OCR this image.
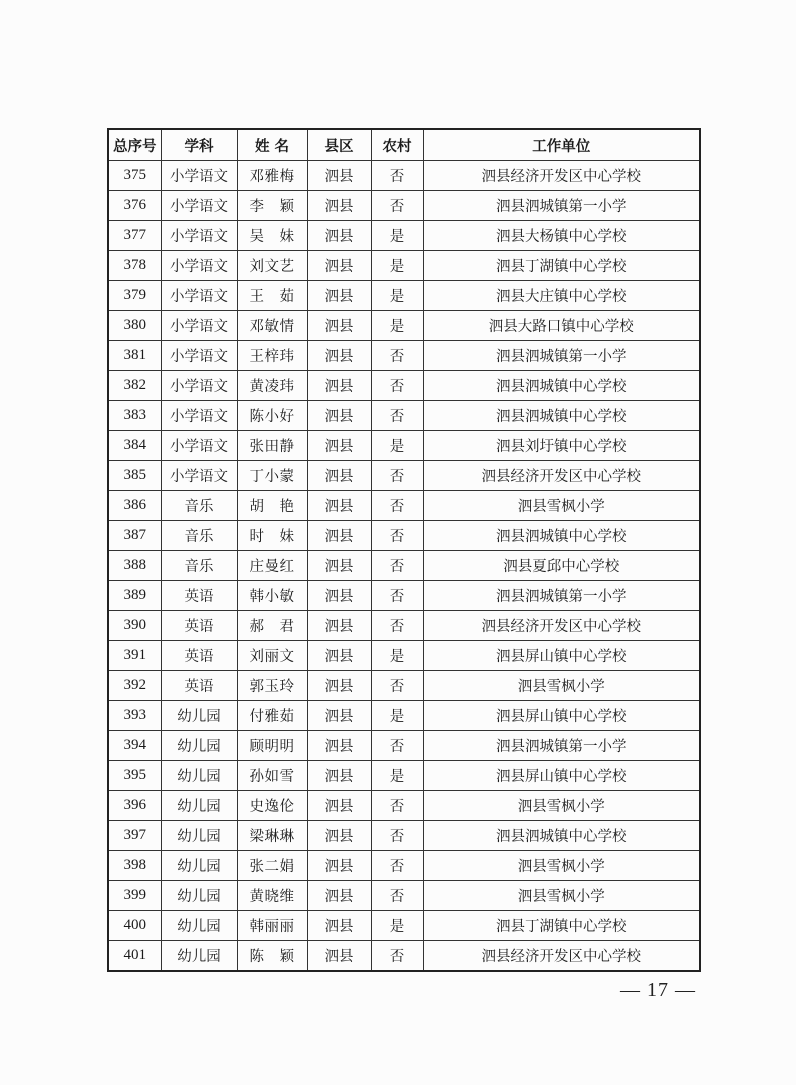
总序号	学科	姓 名	县区	农村	工作单位
375	小学语文	邓雅梅	泗县	否	泗县经济开发区中心学校
376	小学语文	李　颖	泗县	否	泗县泗城镇第一小学
377	小学语文	吴　妹	泗县	是	泗县大杨镇中心学校
378	小学语文	刘文艺	泗县	是	泗县丁湖镇中心学校
379	小学语文	王　茹	泗县	是	泗县大庄镇中心学校
380	小学语文	邓敏情	泗县	是	泗县大路口镇中心学校
381	小学语文	王梓玮	泗县	否	泗县泗城镇第一小学
382	小学语文	黄凌玮	泗县	否	泗县泗城镇中心学校
383	小学语文	陈小好	泗县	否	泗县泗城镇中心学校
384	小学语文	张田静	泗县	是	泗县刘圩镇中心学校
385	小学语文	丁小蒙	泗县	否	泗县经济开发区中心学校
386	音乐	胡　艳	泗县	否	泗县雪枫小学
387	音乐	时　妹	泗县	否	泗县泗城镇中心学校
388	音乐	庄曼红	泗县	否	泗县夏邱中心学校
389	英语	韩小敏	泗县	否	泗县泗城镇第一小学
390	英语	郝　君	泗县	否	泗县经济开发区中心学校
391	英语	刘丽文	泗县	是	泗县屏山镇中心学校
392	英语	郭玉玲	泗县	否	泗县雪枫小学
393	幼儿园	付雅茹	泗县	是	泗县屏山镇中心学校
394	幼儿园	顾明明	泗县	否	泗县泗城镇第一小学
395	幼儿园	孙如雪	泗县	是	泗县屏山镇中心学校
396	幼儿园	史逸伦	泗县	否	泗县雪枫小学
397	幼儿园	梁琳琳	泗县	否	泗县泗城镇中心学校
398	幼儿园	张二娟	泗县	否	泗县雪枫小学
399	幼儿园	黄晓维	泗县	否	泗县雪枫小学
400	幼儿园	韩丽丽	泗县	是	泗县丁湖镇中心学校
401	幼儿园	陈　颖	泗县	否	泗县经济开发区中心学校
— 17 —
